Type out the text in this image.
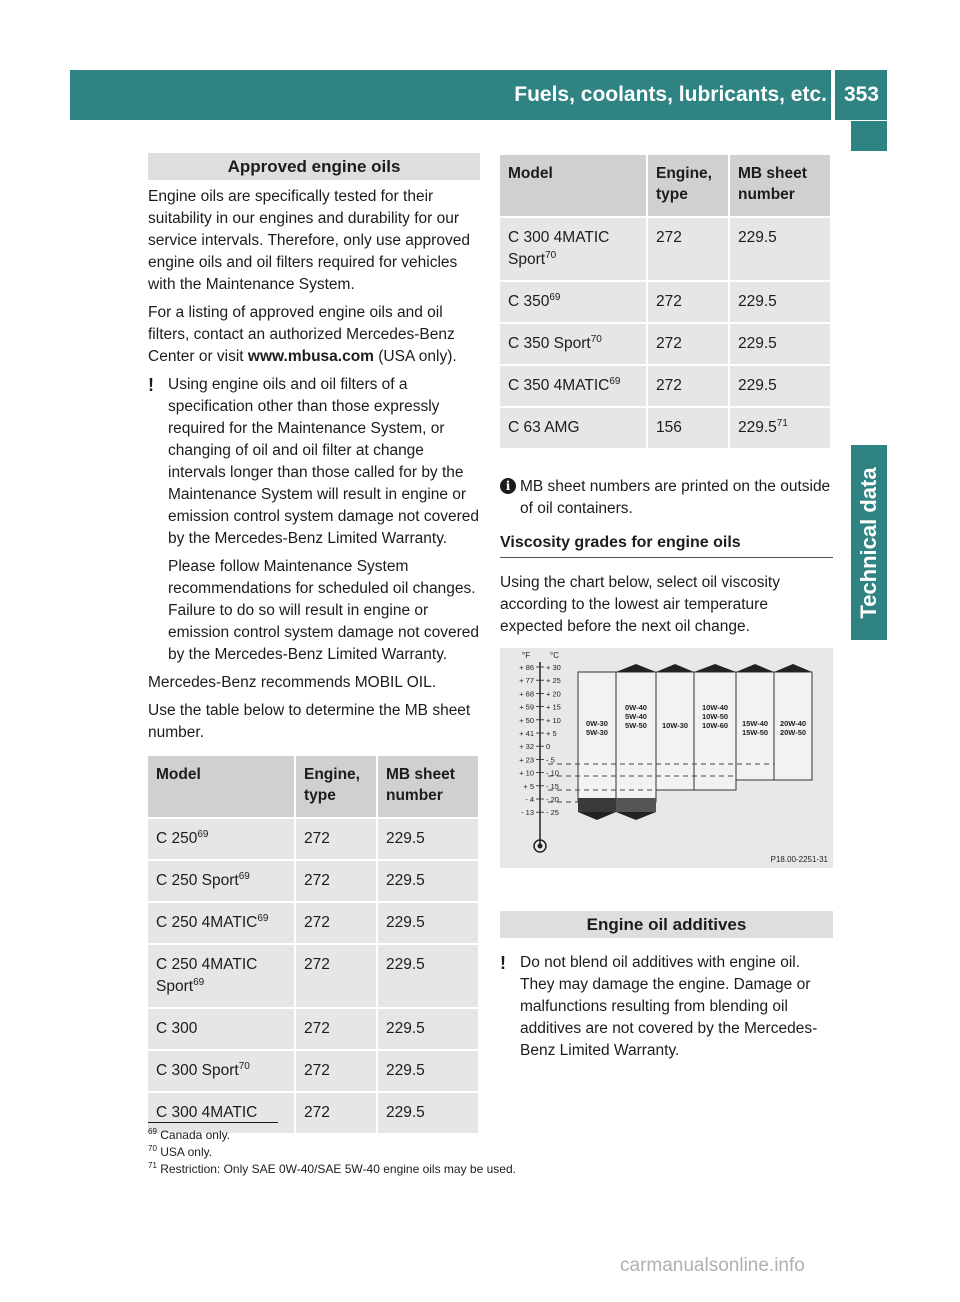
Fuels, coolants, lubricants, etc. 353
Technical data
Approved engine oils

Engine oils are specifically tested for their suitability in our engines and durability for our service intervals. Therefore, only use approved engine oils and oil filters required for vehicles with the Maintenance System.

For a listing of approved engine oils and oil filters, contact an authorized Mercedes-Benz Center or visit www.mbusa.com (USA only).

! Using engine oils and oil filters of a specification other than those expressly required for the Maintenance System, or changing of oil and oil filter at change intervals longer than those called for by the Maintenance System will result in engine or emission control system damage not covered by the Mercedes-Benz Limited Warranty.

Please follow Maintenance System recommendations for scheduled oil changes. Failure to do so will result in engine or emission control system damage not covered by the Mercedes-Benz Limited Warranty.

Mercedes-Benz recommends MOBIL OIL.

Use the table below to determine the MB sheet number.

Model	Engine, type	MB sheet number
C $250^{69}$	272	229.5
C 250 Sport$^{69}$	272	229.5
C 250 4MATIC$^{69}$	272	229.5
C 250 4MATIC Sport$^{69}$	272	229.5
C 300	272	229.5
C 300 Sport$^{70}$	272	229.5
C 300 4MATIC	272	229.5
Model	Engine, type	MB sheet number
C 300 4MATIC Sport$^{70}$	272	229.5
C $350^{69}$	272	229.5
C 350 Sport$^{70}$	272	229.5
C 350 4MATIC$^{69}$	272	229.5
C 63 AMG	156	229.5$^{71}$
i MB sheet numbers are printed on the outside of oil containers.
Viscosity grades for engine oils

Using the chart below, select oil viscosity according to the lowest air temperature expected before the next oil change.

°F °C
+ 86 + 30
+ 77 + 25
+ 68 + 20
+ 59 + 15
+ 50 + 10
+ 41 + 5
+ 32 0
+ 23 - 5
+ 10 - 10
+ 5 - 15
- 4 - 20
- 13 - 25
0W-30
5W-30
0W-40
5W-40
5W-50 10W-30
10W-40
10W-50
10W-60 15W-40
15W-50
20W-40
20W-50
P18.00-2251-31
Engine oil additives
! Do not blend oil additives with engine oil. They may damage the engine. Damage or malfunctions resulting from blending oil additives are not covered by the Mercedes-Benz Limited Warranty.

$^{69}$ Canada only.
$^{70}$ USA only.
$^{71}$ Restriction: Only SAE 0W-40/SAE 5W-40 engine oils may be used.
carmanualsonline.info
